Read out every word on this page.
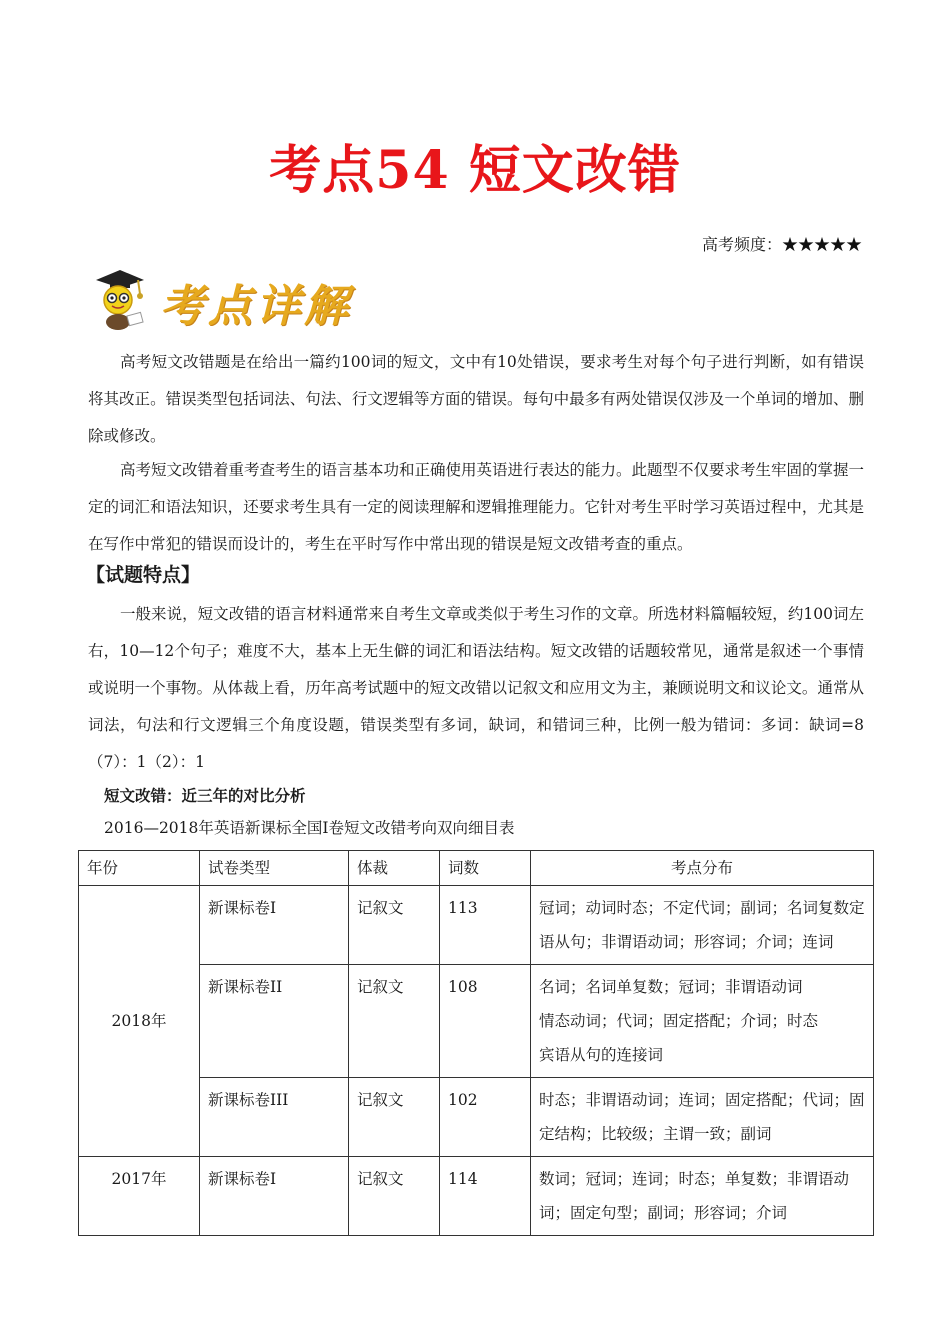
考点54 短文改错
高考频度：★★★★★
考点详解
高考短文改错题是在给出一篇约100词的短文，文中有10处错误，要求考生对每个句子进行判断，如有错误将其改正。错误类型包括词法、句法、行文逻辑等方面的错误。每句中最多有两处错误仅涉及一个单词的增加、删除或修改。
高考短文改错着重考查考生的语言基本功和正确使用英语进行表达的能力。此题型不仅要求考生牢固的掌握一定的词汇和语法知识，还要求考生具有一定的阅读理解和逻辑推理能力。它针对考生平时学习英语过程中，尤其是在写作中常犯的错误而设计的，考生在平时写作中常出现的错误是短文改错考查的重点。
【试题特点】
一般来说，短文改错的语言材料通常来自考生文章或类似于考生习作的文章。所选材料篇幅较短，约100词左右，10—12个句子；难度不大，基本上无生僻的词汇和语法结构。短文改错的话题较常见，通常是叙述一个事情或说明一个事物。从体裁上看，历年高考试题中的短文改错以记叙文和应用文为主，兼顾说明文和议论文。通常从词法，句法和行文逻辑三个角度设题，错误类型有多词，缺词，和错词三种，比例一般为错词：多词：缺词=8（7）：1（2）：1
短文改错：近三年的对比分析
2016—2018年英语新课标全国I卷短文改错考向双向细目表
年份	试卷类型	体裁	词数	考点分布
2018年	新课标卷I	记叙文	113	冠词；动词时态；不定代词；副词；名词复数定语从句；非谓语动词；形容词；介词；连词
	新课标卷II	记叙文	108	名词；名词单复数；冠词；非谓语动词
情态动词；代词；固定搭配；介词；时态
宾语从句的连接词

	新课标卷III	记叙文	102	时态；非谓语动词；连词；固定搭配；代词；固定结构；比较级；主谓一致；副词
2017年	新课标卷I	记叙文	114	数词；冠词；连词；时态；单复数；非谓语动词；固定句型；副词；形容词；介词
